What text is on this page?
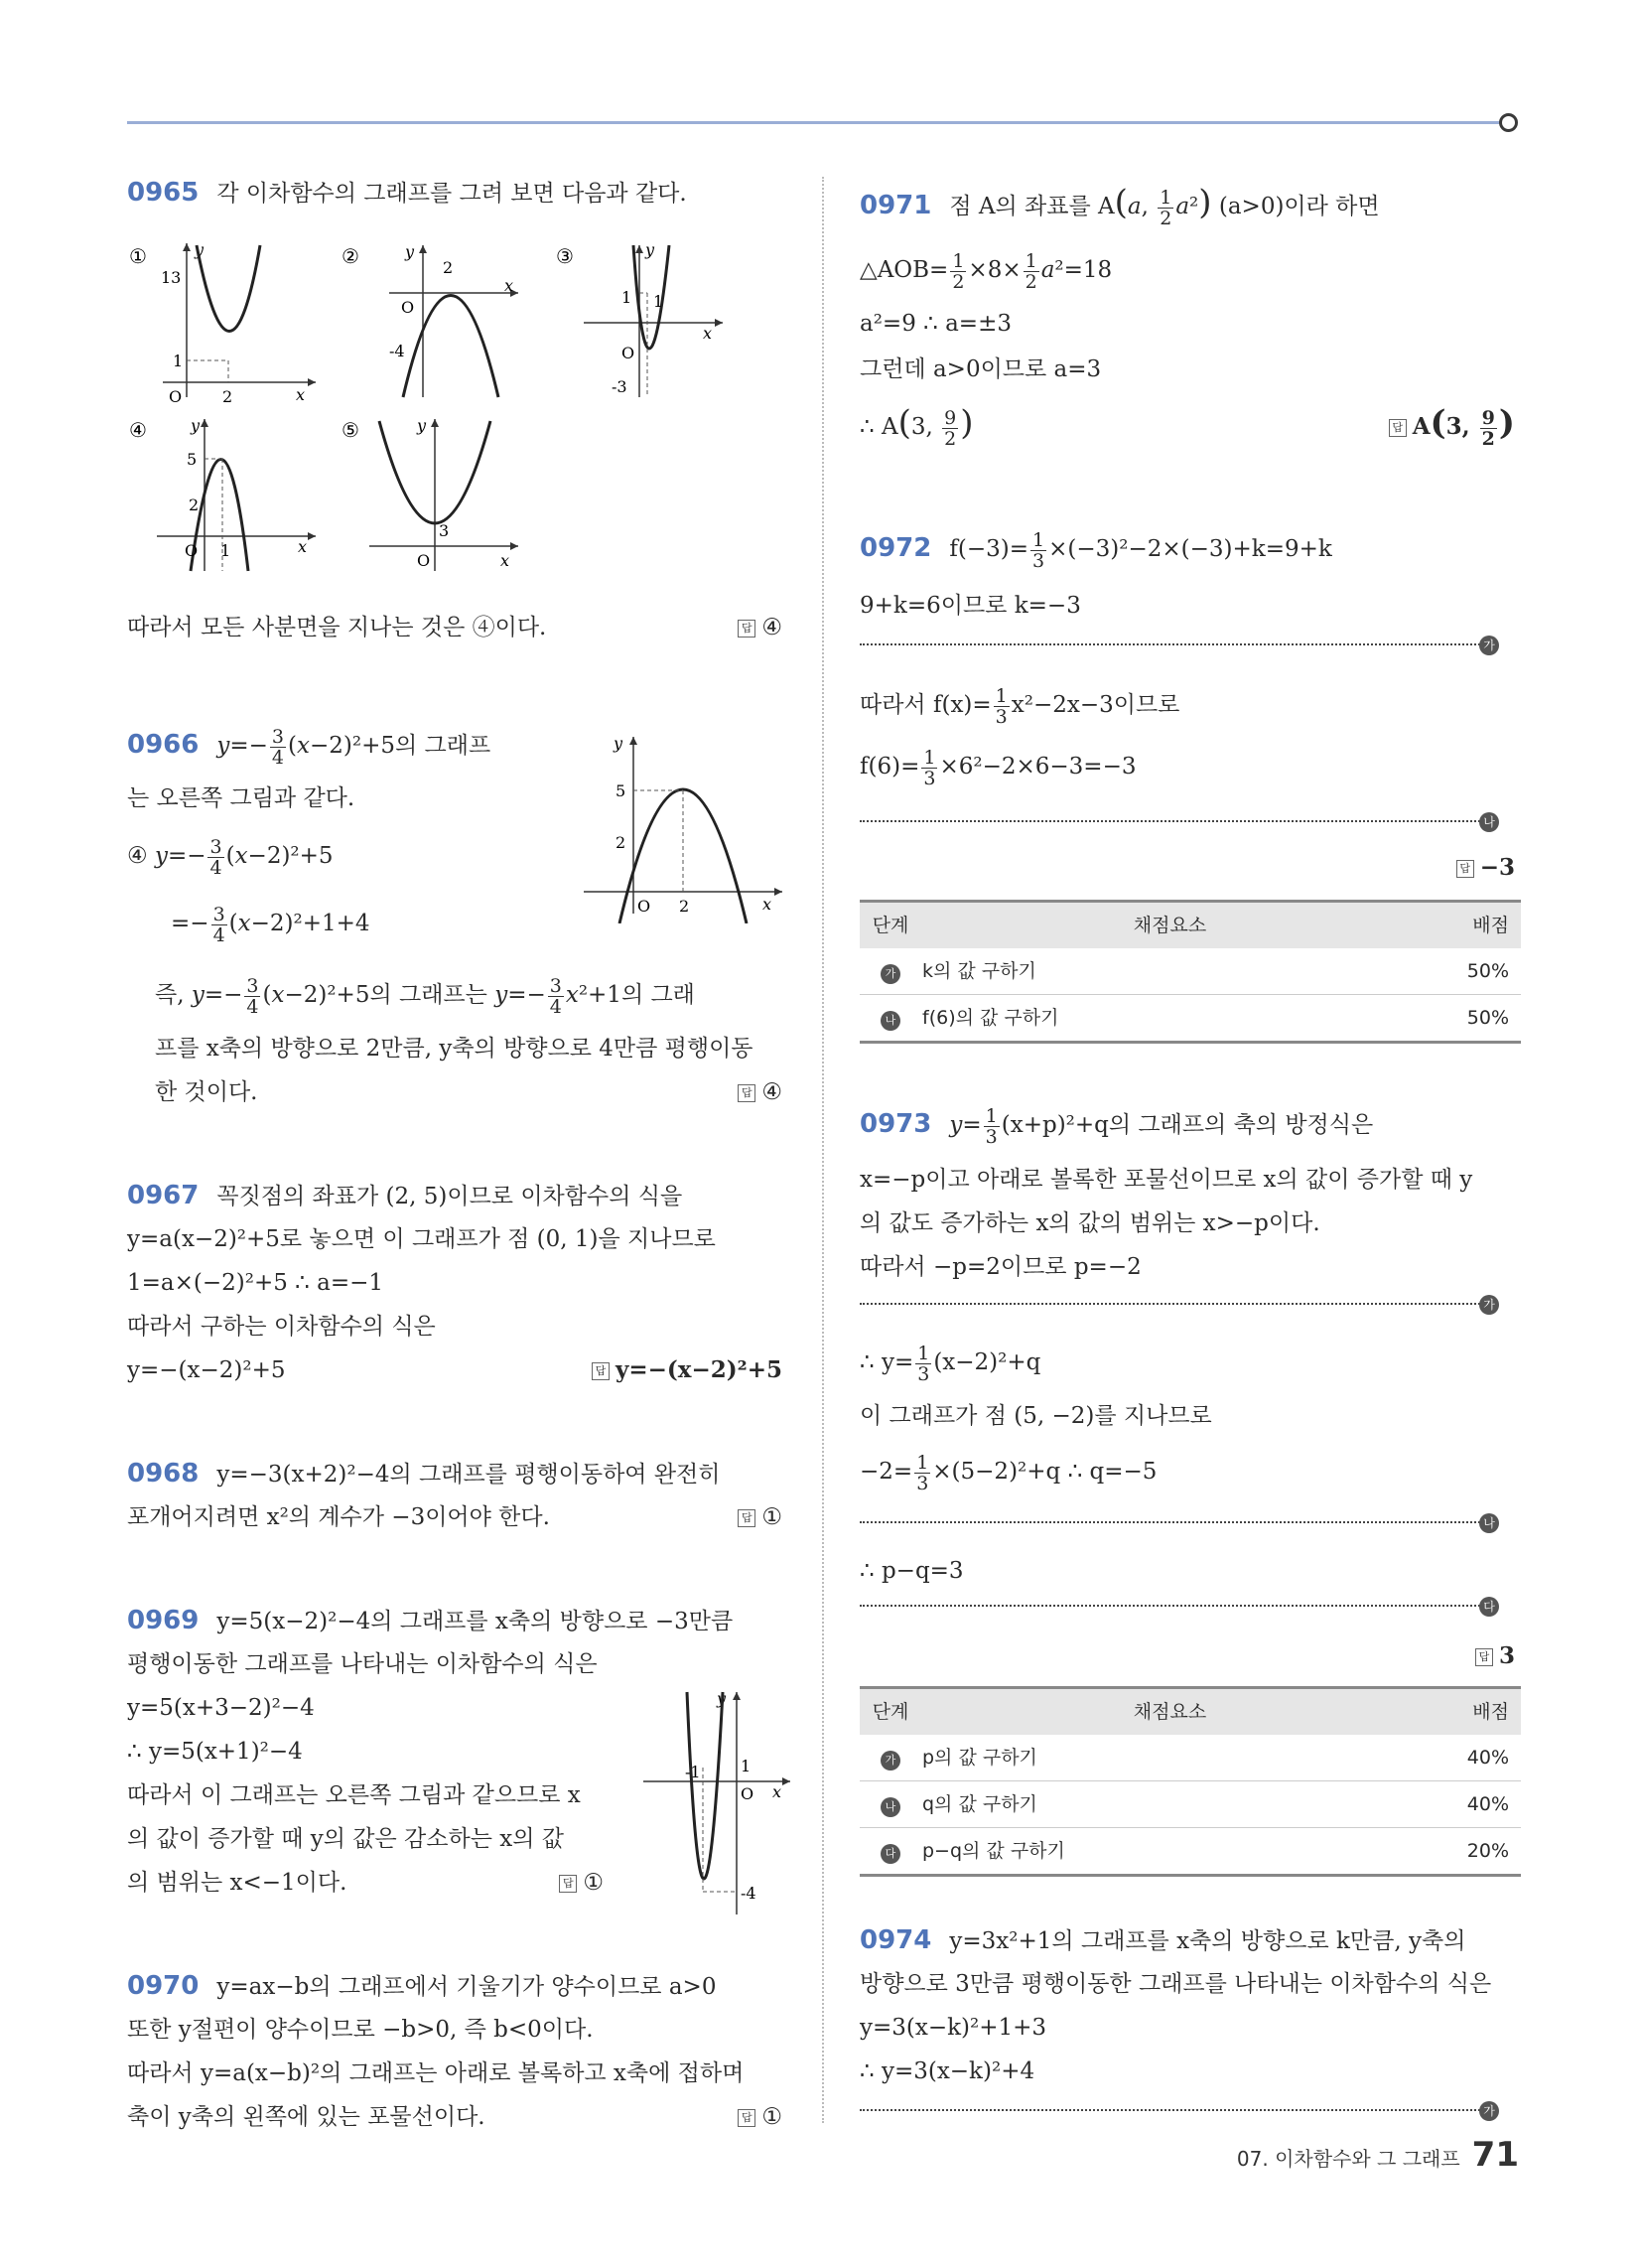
0965 각 이차함수의 그래프를 그려 보면 다음과 같다.
①	y
x
13
1
2
O
②	y
x
2
O
-4
③	y
x
1 1
O
-3
④	y
x
5
2
O 1
⑤	y
x
3
O
따라서 모든 사분면을 지나는 것은 ④이다.	답 ④
0966 $y=- \frac{3}{4} (x-2)^2+5$의 그래프
는 오른쪽 그림과 같다.
④ $y=- \frac{3}{4} (x-2)^2+5$
=− $\frac{3}{4} (x-2)^2+1+4$
y
x
5
2
O 2
즉, $y=- \frac{3}{4} (x-2)^2+5$의 그래프는 $y=- \frac{3}{4} x^2+1$의 그래
프를 x축의 방향으로 2만큼, y축의 방향으로 4만큼 평행이동
한 것이다.	답 ④
0967 꼭짓점의 좌표가 (2, 5)이므로 이차함수의 식을
y=a(x−2)²+5로 놓으면 이 그래프가 점 (0, 1)을 지나므로
1=a×(−2)²+5 ∴ a=−1
따라서 구하는 이차함수의 식은
y=−(x−2)²+5	답 y=−(x−2)²+5
0968 y=−3(x+2)²−4의 그래프를 평행이동하여 완전히
포개어지려면 x²의 계수가 −3이어야 한다.	답 ①
0969 y=5(x−2)²−4의 그래프를 x축의 방향으로 −3만큼
평행이동한 그래프를 나타내는 이차함수의 식은
y=5(x+3−2)²−4
∴ y=5(x+1)²−4
따라서 이 그래프는 오른쪽 그림과 같으므로 x
의 값이 증가할 때 y의 값은 감소하는 x의 값
의 범위는 x<−1이다.	답 ①
y
x
-1	1
O
-4
0970 y=ax−b의 그래프에서 기울기가 양수이므로 a>0
또한 y절편이 양수이므로 −b>0, 즉 b<0이다.
따라서 y=a(x−b)²의 그래프는 아래로 볼록하고 x축에 접하며
축이 y축의 왼쪽에 있는 포물선이다.	답 ①
0971 점 A의 좌표를 A(a, $\frac{1}{2} a^2$) (a>0)이라 하면
△AOB= $\frac{1}{2} \times 8\times \frac{1}{2} a^2=18$
a²=9 ∴ a=±3
그런데 a>0이므로 a=3
∴ A(3, $\frac{9}{2}$ )	답 A(3, $\frac{9}{2}$ )
0972 $f(-3)= \frac{1}{3} \times(-3)^2-2\times(-3)+k=9+k$
9+k=6이므로 k=−3
가
따라서 $f(x)= \frac{1}{3} x^2-2x-3$이므로
$f(6)= \frac{1}{3} \times 6^2-2\times 6-3=-3$
나
답 −3
단계	채점요소	배점
가	k의 값 구하기	50%
나	f(6)의 값 구하기	50%
0973 $y= \frac{1}{3} (x+p)^2+q$의 그래프의 축의 방정식은
x=−p이고 아래로 볼록한 포물선이므로 x의 값이 증가할 때 y
의 값도 증가하는 x의 값의 범위는 x>−p이다.
따라서 −p=2이므로 p=−2
가
∴ $y= \frac{1}{3} (x-2)^2+q$
이 그래프가 점 (5, −2)를 지나므로
$-2= \frac{1}{3} \times(5-2)^2+q$ ∴ q=−5
나
∴ p−q=3
다
답 3
단계	채점요소	배점
가	p의 값 구하기	40%
나	q의 값 구하기	40%
다	p−q의 값 구하기	20%
0974 y=3x²+1의 그래프를 x축의 방향으로 k만큼, y축의
방향으로 3만큼 평행이동한 그래프를 나타내는 이차함수의 식은
y=3(x−k)²+1+3
∴ y=3(x−k)²+4
가
07. 이차함수와 그 그래프 71
